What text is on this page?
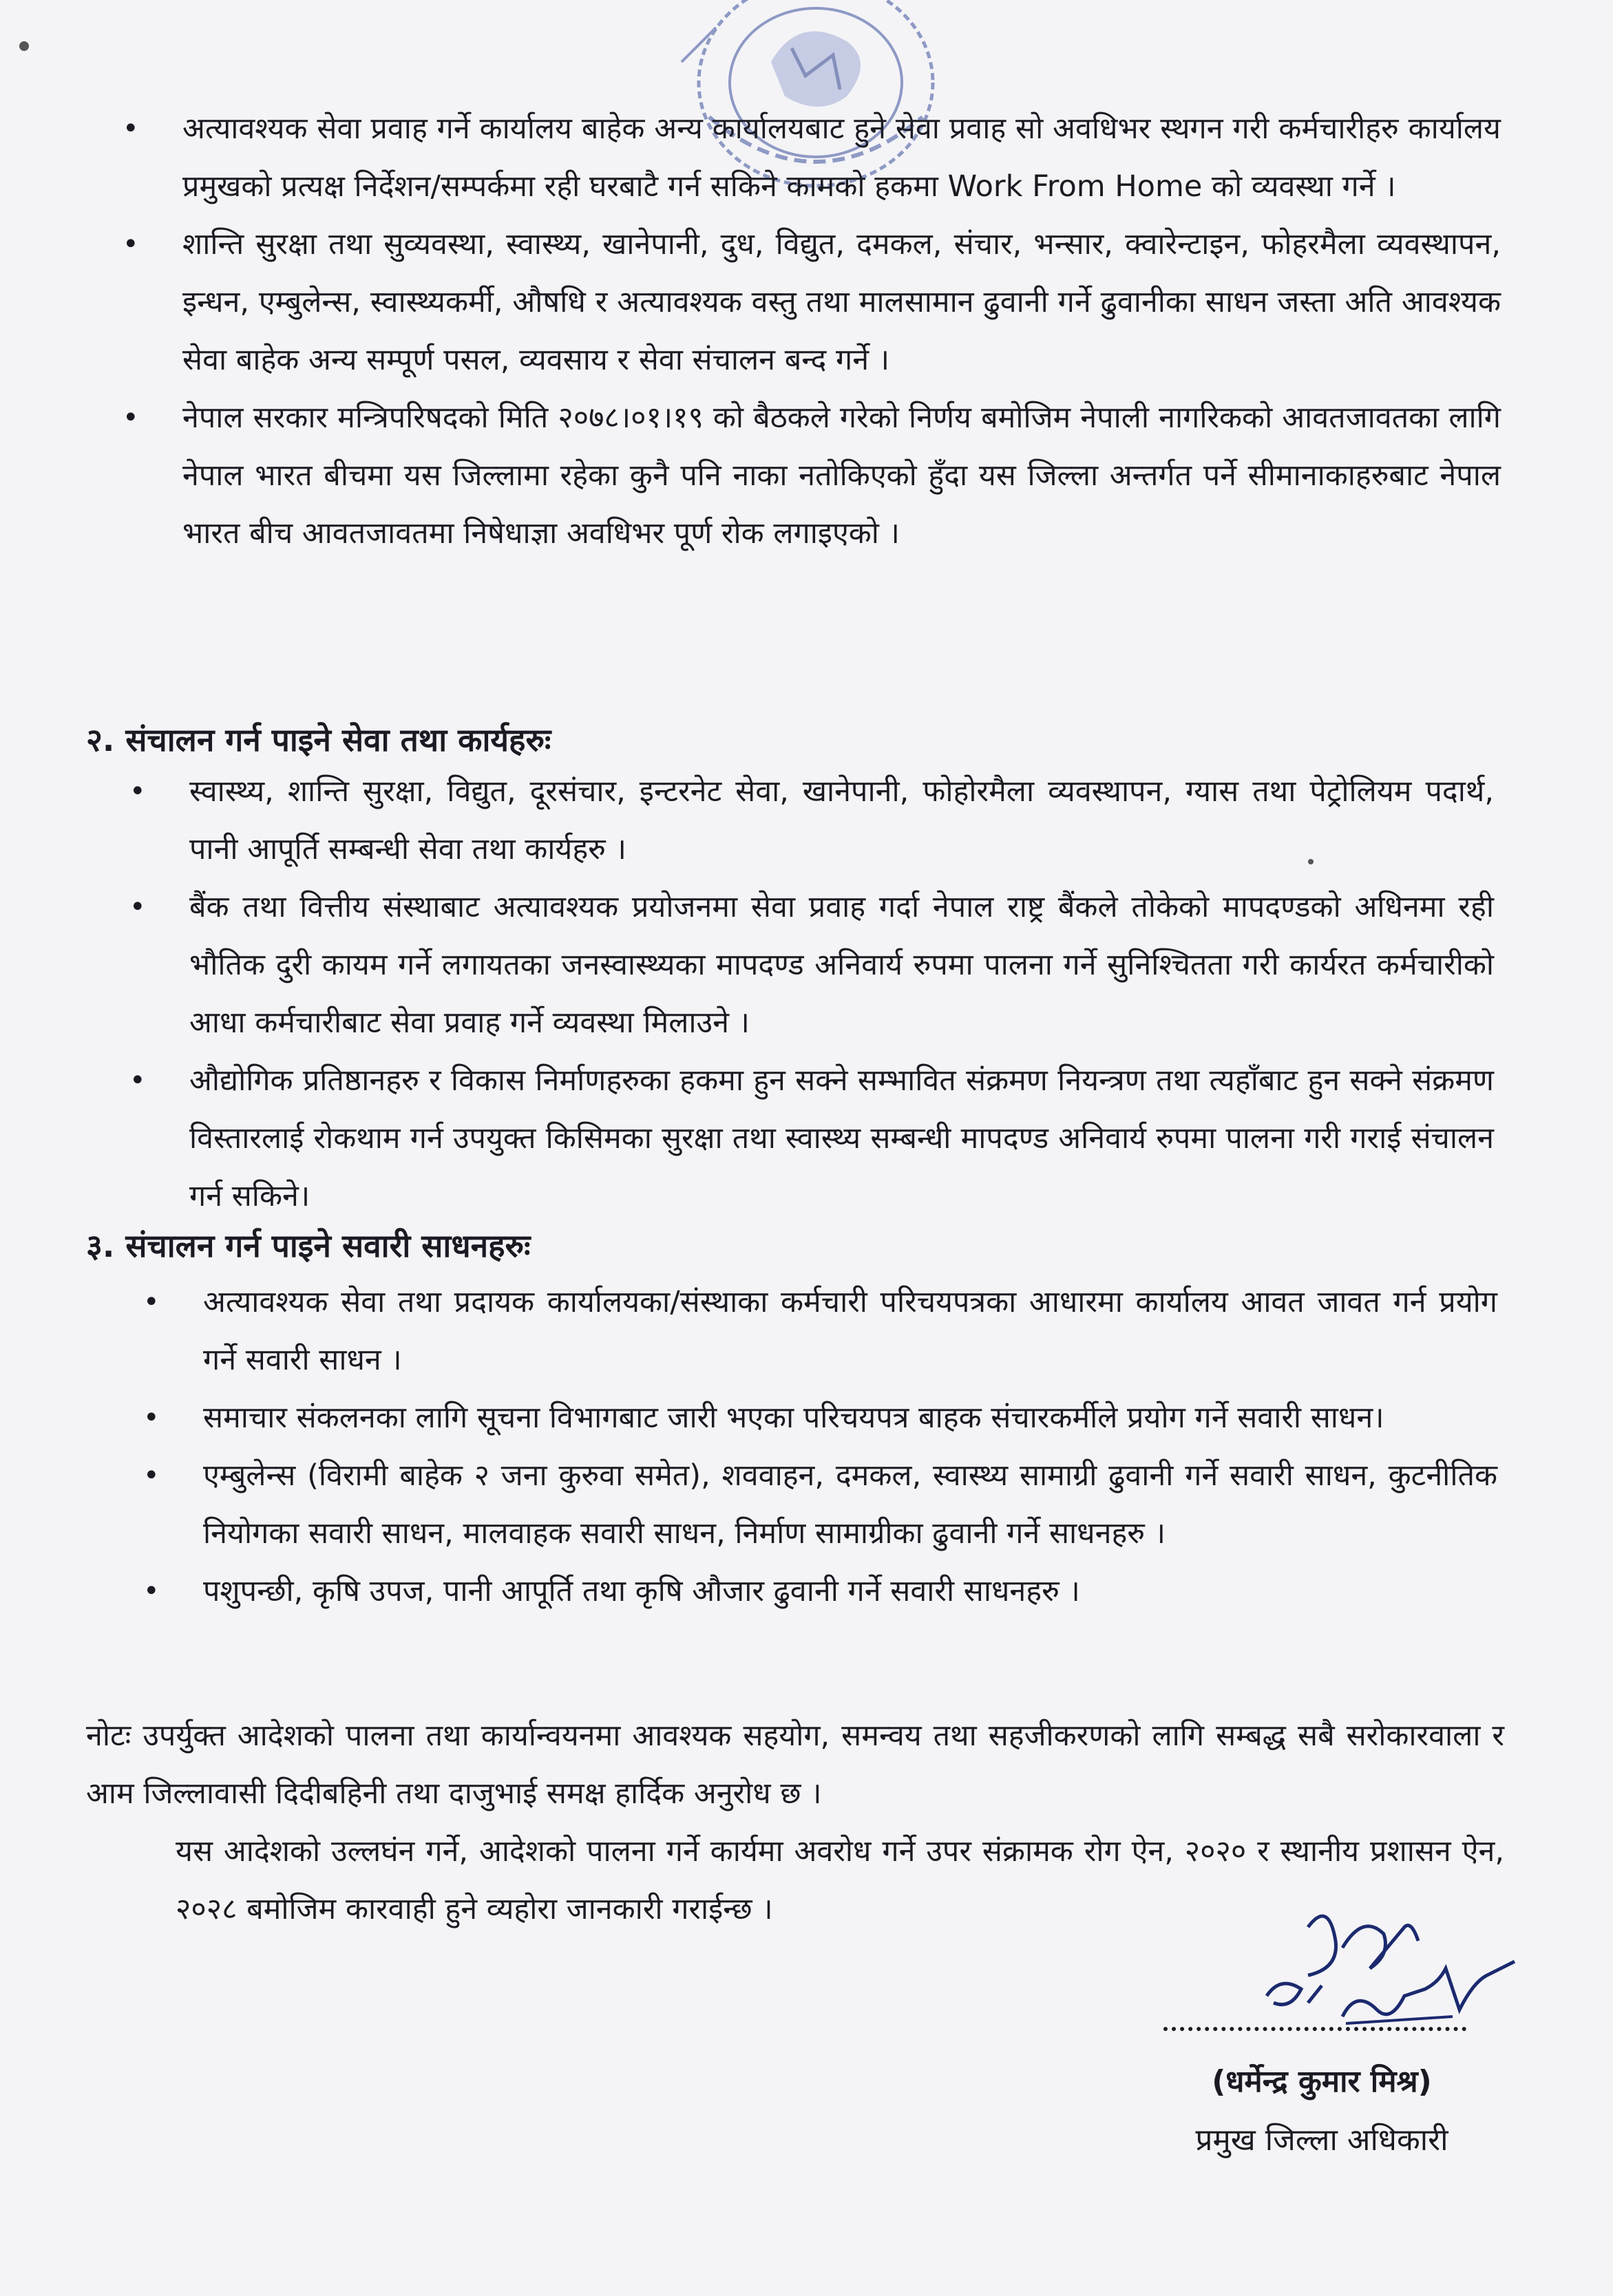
• अत्यावश्यक सेवा प्रवाह गर्ने कार्यालय बाहेक अन्य कार्यालयबाट हुने सेवा प्रवाह सो अवधिभर स्थगन गरी कर्मचारीहरु कार्यालय प्रमुखको प्रत्यक्ष निर्देशन/सम्पर्कमा रही घरबाटै गर्न सकिने कामको हकमा Work From Home को व्यवस्था गर्ने ।
• शान्ति सुरक्षा तथा सुव्यवस्था, स्वास्थ्य, खानेपानी, दुध, विद्युत, दमकल, संचार, भन्सार, क्वारेन्टाइन, फोहरमैला व्यवस्थापन, इन्धन, एम्बुलेन्स, स्वास्थ्यकर्मी, औषधि र अत्यावश्यक वस्तु तथा मालसामान ढुवानी गर्ने ढुवानीका साधन जस्ता अति आवश्यक सेवा बाहेक अन्य सम्पूर्ण पसल, व्यवसाय र सेवा संचालन बन्द गर्ने ।
• नेपाल सरकार मन्त्रिपरिषदको मिति २०७८।०१।१९ को बैठकले गरेको निर्णय बमोजिम नेपाली नागरिकको आवतजावतका लागि नेपाल भारत बीचमा यस जिल्लामा रहेका कुनै पनि नाका नतोकिएको हुँदा यस जिल्ला अन्तर्गत पर्ने सीमानाकाहरुबाट नेपाल भारत बीच आवतजावतमा निषेधाज्ञा अवधिभर पूर्ण रोक लगाइएको ।
२. संचालन गर्न पाइने सेवा तथा कार्यहरुः
• स्वास्थ्य, शान्ति सुरक्षा, विद्युत, दूरसंचार, इन्टरनेट सेवा, खानेपानी, फोहोरमैला व्यवस्थापन, ग्यास तथा पेट्रोलियम पदार्थ, पानी आपूर्ति सम्बन्धी सेवा तथा कार्यहरु ।
• बैंक तथा वित्तीय संस्थाबाट अत्यावश्यक प्रयोजनमा सेवा प्रवाह गर्दा नेपाल राष्ट्र बैंकले तोकेको मापदण्डको अधिनमा रही भौतिक दुरी कायम गर्ने लगायतका जनस्वास्थ्यका मापदण्ड अनिवार्य रुपमा पालना गर्ने सुनिश्चितता गरी कार्यरत कर्मचारीको आधा कर्मचारीबाट सेवा प्रवाह गर्ने व्यवस्था मिलाउने ।
• औद्योगिक प्रतिष्ठानहरु र विकास निर्माणहरुका हकमा हुन सक्ने सम्भावित संक्रमण नियन्त्रण तथा त्यहाँबाट हुन सक्ने संक्रमण विस्तारलाई रोकथाम गर्न उपयुक्त किसिमका सुरक्षा तथा स्वास्थ्य सम्बन्धी मापदण्ड अनिवार्य रुपमा पालना गरी गराई संचालन गर्न सकिने।
३. संचालन गर्न पाइने सवारी साधनहरुः
• अत्यावश्यक सेवा तथा प्रदायक कार्यालयका/संस्थाका कर्मचारी परिचयपत्रका आधारमा कार्यालय आवत जावत गर्न प्रयोग गर्ने सवारी साधन ।
• समाचार संकलनका लागि सूचना विभागबाट जारी भएका परिचयपत्र बाहक संचारकर्मीले प्रयोग गर्ने सवारी साधन।
• एम्बुलेन्स (विरामी बाहेक २ जना कुरुवा समेत), शववाहन, दमकल, स्वास्थ्य सामाग्री ढुवानी गर्ने सवारी साधन, कुटनीतिक नियोगका सवारी साधन, मालवाहक सवारी साधन, निर्माण सामाग्रीका ढुवानी गर्ने साधनहरु ।
• पशुपन्छी, कृषि उपज, पानी आपूर्ति तथा कृषि औजार ढुवानी गर्ने सवारी साधनहरु ।

नोटः उपर्युक्त आदेशको पालना तथा कार्यान्वयनमा आवश्यक सहयोग, समन्वय तथा सहजीकरणको लागि सम्बद्ध सबै सरोकारवाला र आम जिल्लावासी दिदीबहिनी तथा दाजुभाई समक्ष हार्दिक अनुरोध छ ।

यस आदेशको उल्लघंन गर्ने, आदेशको पालना गर्ने कार्यमा अवरोध गर्ने उपर संक्रामक रोग ऐन, २०२० र स्थानीय प्रशासन ऐन, २०२८ बमोजिम कारवाही हुने व्यहोरा जानकारी गराईन्छ ।

(धर्मेन्द्र कुमार मिश्र)
प्रमुख जिल्ला अधिकारी
